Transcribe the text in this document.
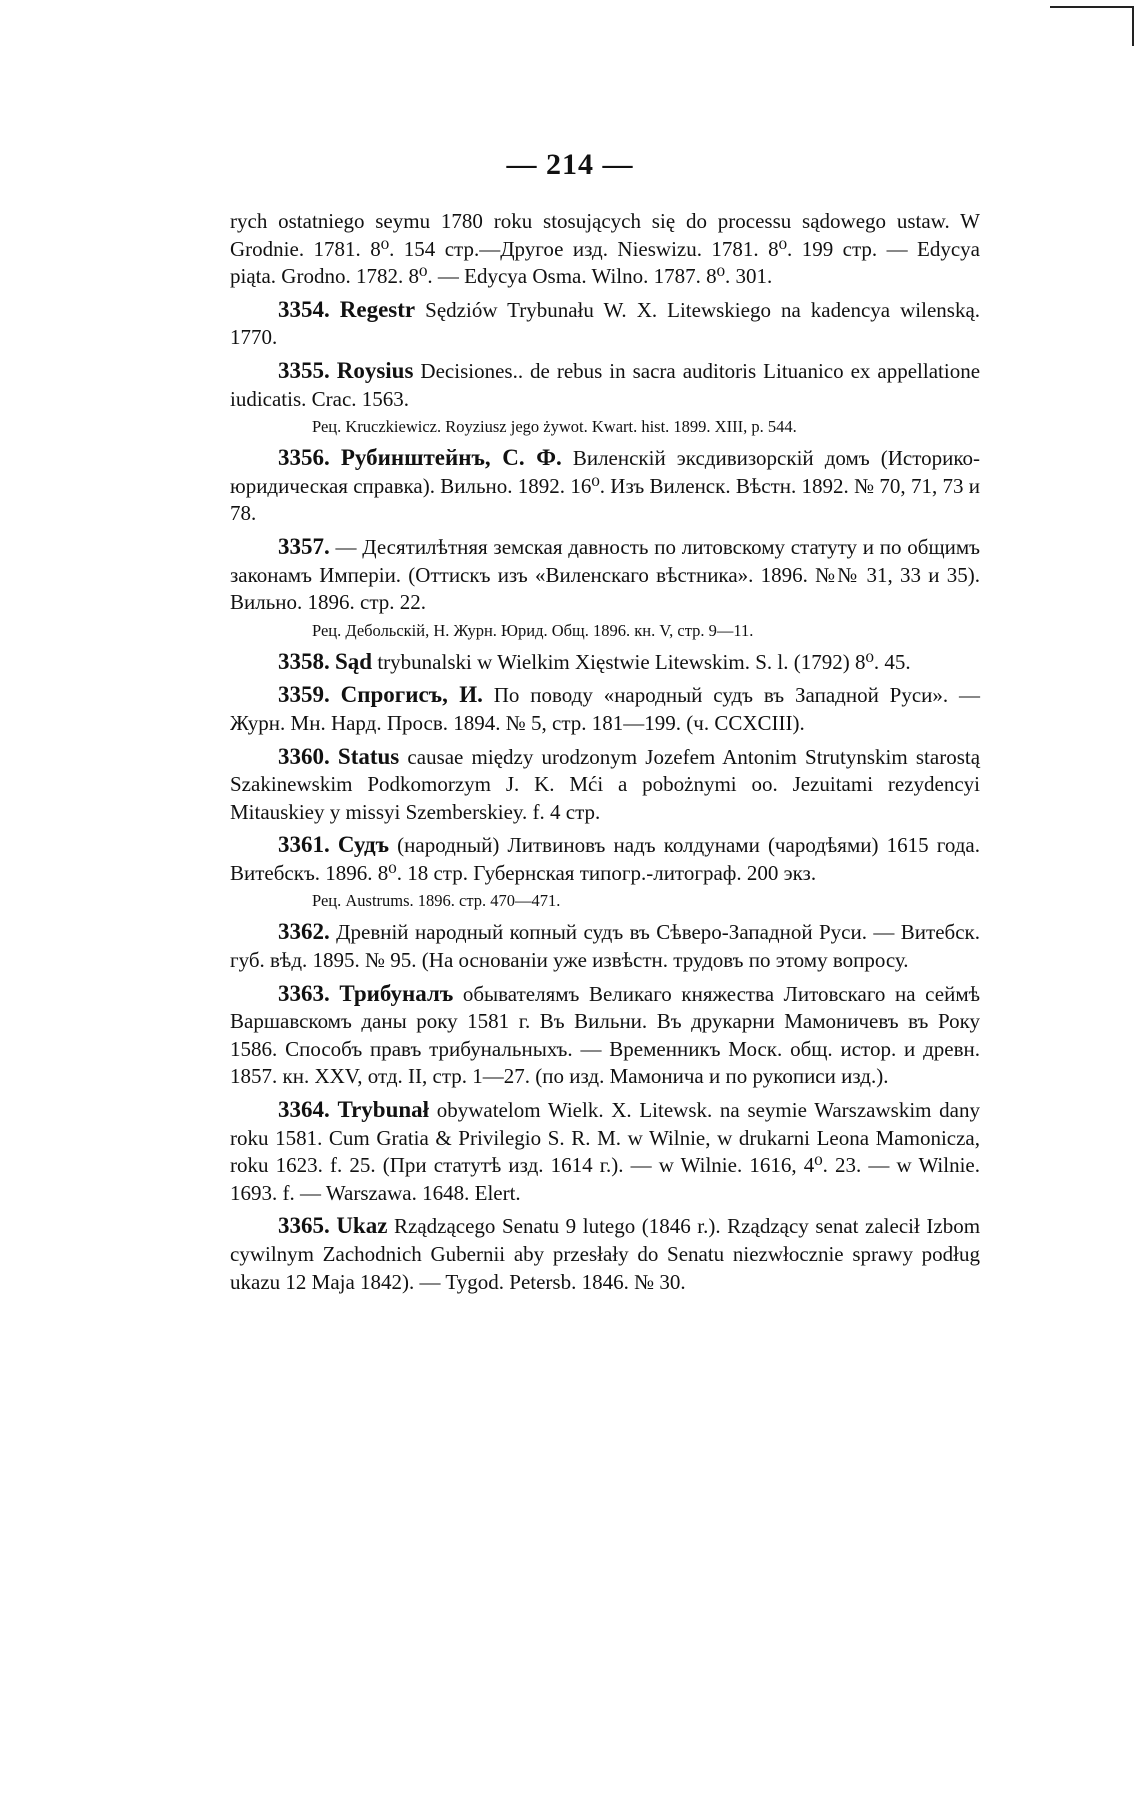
— 214 —

rych ostatniego seymu 1780 roku stosujących się do processu sądowego ustaw. W Grodnie. 1781. 8⁰. 154 стр.—Другое изд. Nieswizu. 1781. 8⁰. 199 стр. — Edycya piąta. Grodno. 1782. 8⁰. — Edycya Osma. Wilno. 1787. 8⁰. 301.

3354. Regestr Sędziów Trybunału W. X. Litewskiego na kadencya wilenską. 1770.

3355. Roysius Decisiones.. de rebus in sacra auditoris Lituanico ex appellatione iudicatis. Crac. 1563.

Рец. Kruczkiewicz. Royziusz jego żywot. Kwart. hist. 1899. XIII, p. 544.

3356. Рубинштейнъ, С. Ф. Виленскій эксдивизорскій домъ (Историко-юридическая справка). Вильно. 1892. 16⁰. Изъ Виленск. Вѣстн. 1892. № 70, 71, 73 и 78.

3357. — Десятилѣтняя земская давность по литовскому статуту и по общимъ законамъ Имперіи. (Оттискъ изъ «Виленскаго вѣстника». 1896. №№ 31, 33 и 35). Вильно. 1896. стр. 22.

Рец. Дебольскій, Н. Журн. Юрид. Общ. 1896. кн. V, стр. 9—11.

3358. Sąd trybunalski w Wielkim Xięstwie Litewskim. S. l. (1792) 8⁰. 45.

3359. Спрогисъ, И. По поводу «народный судъ въ Западной Руси». — Журн. Мн. Нард. Просв. 1894. № 5, стр. 181—199. (ч. CCXCIII).

3360. Status causae między urodzonym Jozefem Antonim Strutynskim starostą Szakinewskim Podkomorzym J. K. Mći a pobożnymi oo. Jezuitami rezydencyi Mitauskiey y missyi Szemberskiey. f. 4 стр.

3361. Судъ (народный) Литвиновъ надъ колдунами (чародѣями) 1615 года. Витебскъ. 1896. 8⁰. 18 стр. Губернская типогр.-литограф. 200 экз.

Рец. Austrums. 1896. стр. 470—471.

3362. Древній народный копный судъ въ Сѣверо-Западной Руси. — Витебск. губ. вѣд. 1895. № 95. (На основаніи уже извѣстн. трудовъ по этому вопросу.

3363. Трибуналъ обывателямъ Великаго княжества Литовскаго на сеймѣ Варшавскомъ даны року 1581 г. Въ Вильни. Въ друкарни Мамоничевъ въ Року 1586. Способъ правъ трибунальныхъ. — Временникъ Моск. общ. истор. и древн. 1857. кн. XXV, отд. II, стр. 1—27. (по изд. Мамонича и по рукописи изд.).

3364. Trybunał obywatelom Wielk. X. Litewsk. na seymie Warszawskim dany roku 1581. Cum Gratia & Privilegio S. R. M. w Wilnie, w drukarni Leona Mamonicza, roku 1623. f. 25. (При статутѣ изд. 1614 г.). — w Wilnie. 1616, 4⁰. 23. — w Wilnie. 1693. f. — Warszawa. 1648. Elert.

3365. Ukaz Rządzącego Senatu 9 lutego (1846 r.). Rządzący senat zalecił Izbom cywilnym Zachodnich Gubernii aby przesłały do Senatu niezwłocznie sprawy podług ukazu 12 Maja 1842). — Tygod. Petersb. 1846. № 30.
